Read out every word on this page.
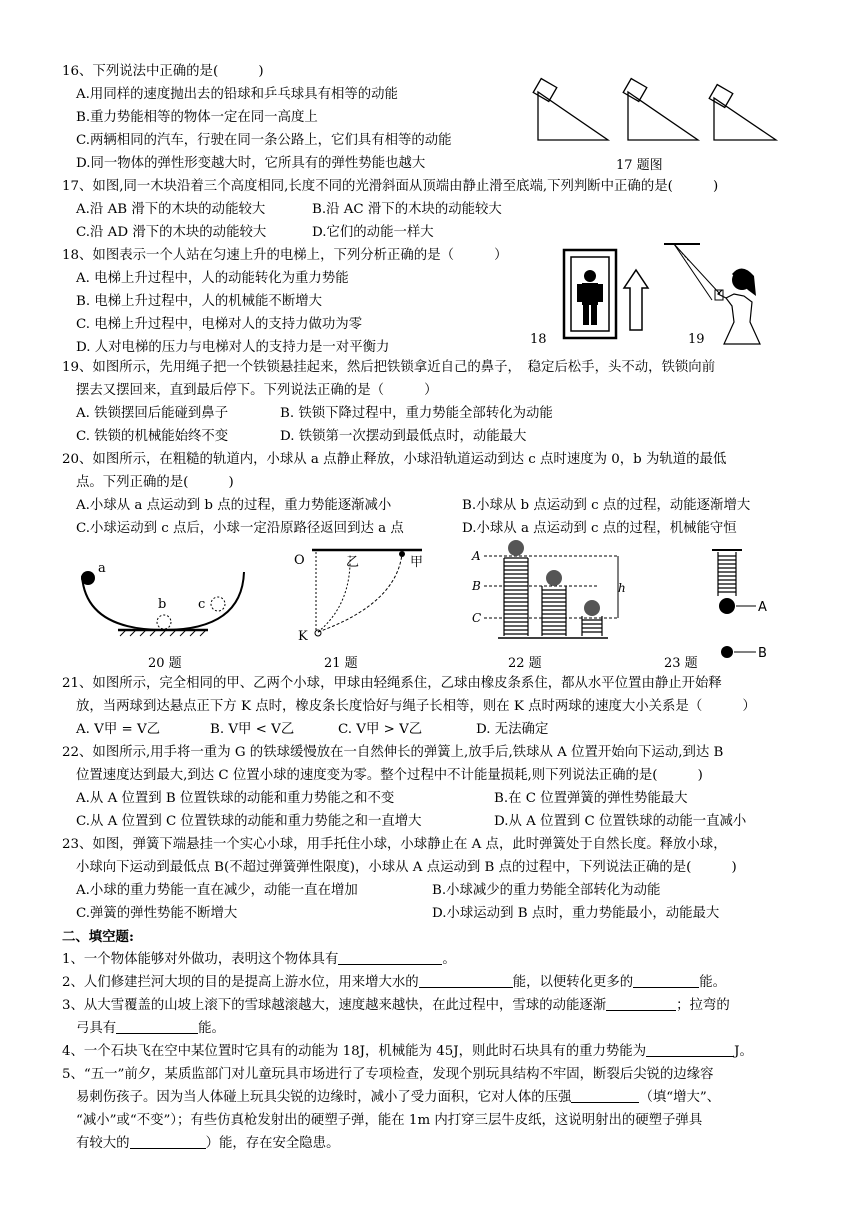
16、下列说法中正确的是(　　　)
A.用同样的速度抛出去的铅球和乒乓球具有相等的动能
B.重力势能相等的物体一定在同一高度上
C.两辆相同的汽车，行驶在同一条公路上，它们具有相等的动能
D.同一物体的弹性形变越大时，它所具有的弹性势能也越大	17 题图
17、如图,同一木块沿着三个高度相同,长度不同的光滑斜面从顶端由静止滑至底端,下列判断中正确的是(　　　)
A.沿 AB 滑下的木块的动能较大	B.沿 AC 滑下的木块的动能较大
C.沿 AD 滑下的木块的动能较大	D.它们的动能一样大
18、如图表示一个人站在匀速上升的电梯上，下列分析正确的是（　　　）
A. 电梯上升过程中，人的动能转化为重力势能
B. 电梯上升过程中，人的机械能不断增大
C. 电梯上升过程中，电梯对人的支持力做功为零
D. 人对电梯的压力与电梯对人的支持力是一对平衡力
18	19
19、如图所示，先用绳子把一个铁锁悬挂起来，然后把铁锁拿近自己的鼻子，　稳定后松手，头不动，铁锁向前
摆去又摆回来，直到最后停下。下列说法正确的是（　　　）
A. 铁锁摆回后能碰到鼻子	B. 铁锁下降过程中，重力势能全部转化为动能
C. 铁锁的机械能始终不变	D. 铁锁第一次摆动到最低点时，动能最大
20、如图所示，在粗糙的轨道内，小球从 a 点静止释放，小球沿轨道运动到达 c 点时速度为 0，b 为轨道的最低
点。下列正确的是(　　　)
A.小球从 a 点运动到 b 点的过程，重力势能逐渐减小	B.小球从 b 点运动到 c 点的过程，动能逐渐增大
C.小球运动到 c 点后，小球一定沿原路径返回到达 a 点	D.小球从 a 点运动到 c 点的过程，机械能守恒
a
b c
20 题
O	乙	甲
K
21 题
A
B
C
h
22 题
A
B
23 题
21、如图所示，完全相同的甲、乙两个小球，甲球由轻绳系住，乙球由橡皮条系住，都从水平位置由静止开始释
放，当两球到达悬点正下方 K 点时，橡皮条长度恰好与绳子长相等，则在 K 点时两球的速度大小关系是（　　　）
A. V甲 = V乙	B. V甲 < V乙	C. V甲 > V乙	D. 无法确定
22、如图所示,用手将一重为 G 的铁球缓慢放在一自然伸长的弹簧上,放手后,铁球从 A 位置开始向下运动,到达 B
位置速度达到最大,到达 C 位置小球的速度变为零。整个过程中不计能量损耗,则下列说法正确的是(　　　)
A.从 A 位置到 B 位置铁球的动能和重力势能之和不变	B.在 C 位置弹簧的弹性势能最大
C.从 A 位置到 C 位置铁球的动能和重力势能之和一直增大	D.从 A 位置到 C 位置铁球的动能一直减小
23、如图，弹簧下端悬挂一个实心小球，用手托住小球，小球静止在 A 点，此时弹簧处于自然长度。释放小球，
小球向下运动到最低点 B(不超过弹簧弹性限度)，小球从 A 点运动到 B 点的过程中，下列说法正确的是(　　　)
A.小球的重力势能一直在减少，动能一直在增加	B.小球减少的重力势能全部转化为动能
C.弹簧的弹性势能不断增大	D.小球运动到 B 点时，重力势能最小，动能最大
二、填空题:
1、一个物体能够对外做功，表明这个物体具有	。
2、人们修建拦河大坝的目的是提高上游水位，用来增大水的	能，以便转化更多的	能。
3、从大雪覆盖的山坡上滚下的雪球越滚越大，速度越来越快，在此过程中，雪球的动能逐渐	；拉弯的
弓具有	能。
4、一个石块飞在空中某位置时它具有的动能为 18J，机械能为 45J，则此时石块具有的重力势能为	J。
5、“五一”前夕，某质监部门对儿童玩具市场进行了专项检查，发现个别玩具结构不牢固，断裂后尖锐的边缘容
易刺伤孩子。因为当人体碰上玩具尖锐的边缘时，减小了受力面积，它对人体的压强	（填“增大”、
“减小”或“不变”）；有些仿真枪发射出的硬塑子弹，能在 1m 内打穿三层牛皮纸，这说明射出的硬塑子弹具
有较大的	）能，存在安全隐患。
